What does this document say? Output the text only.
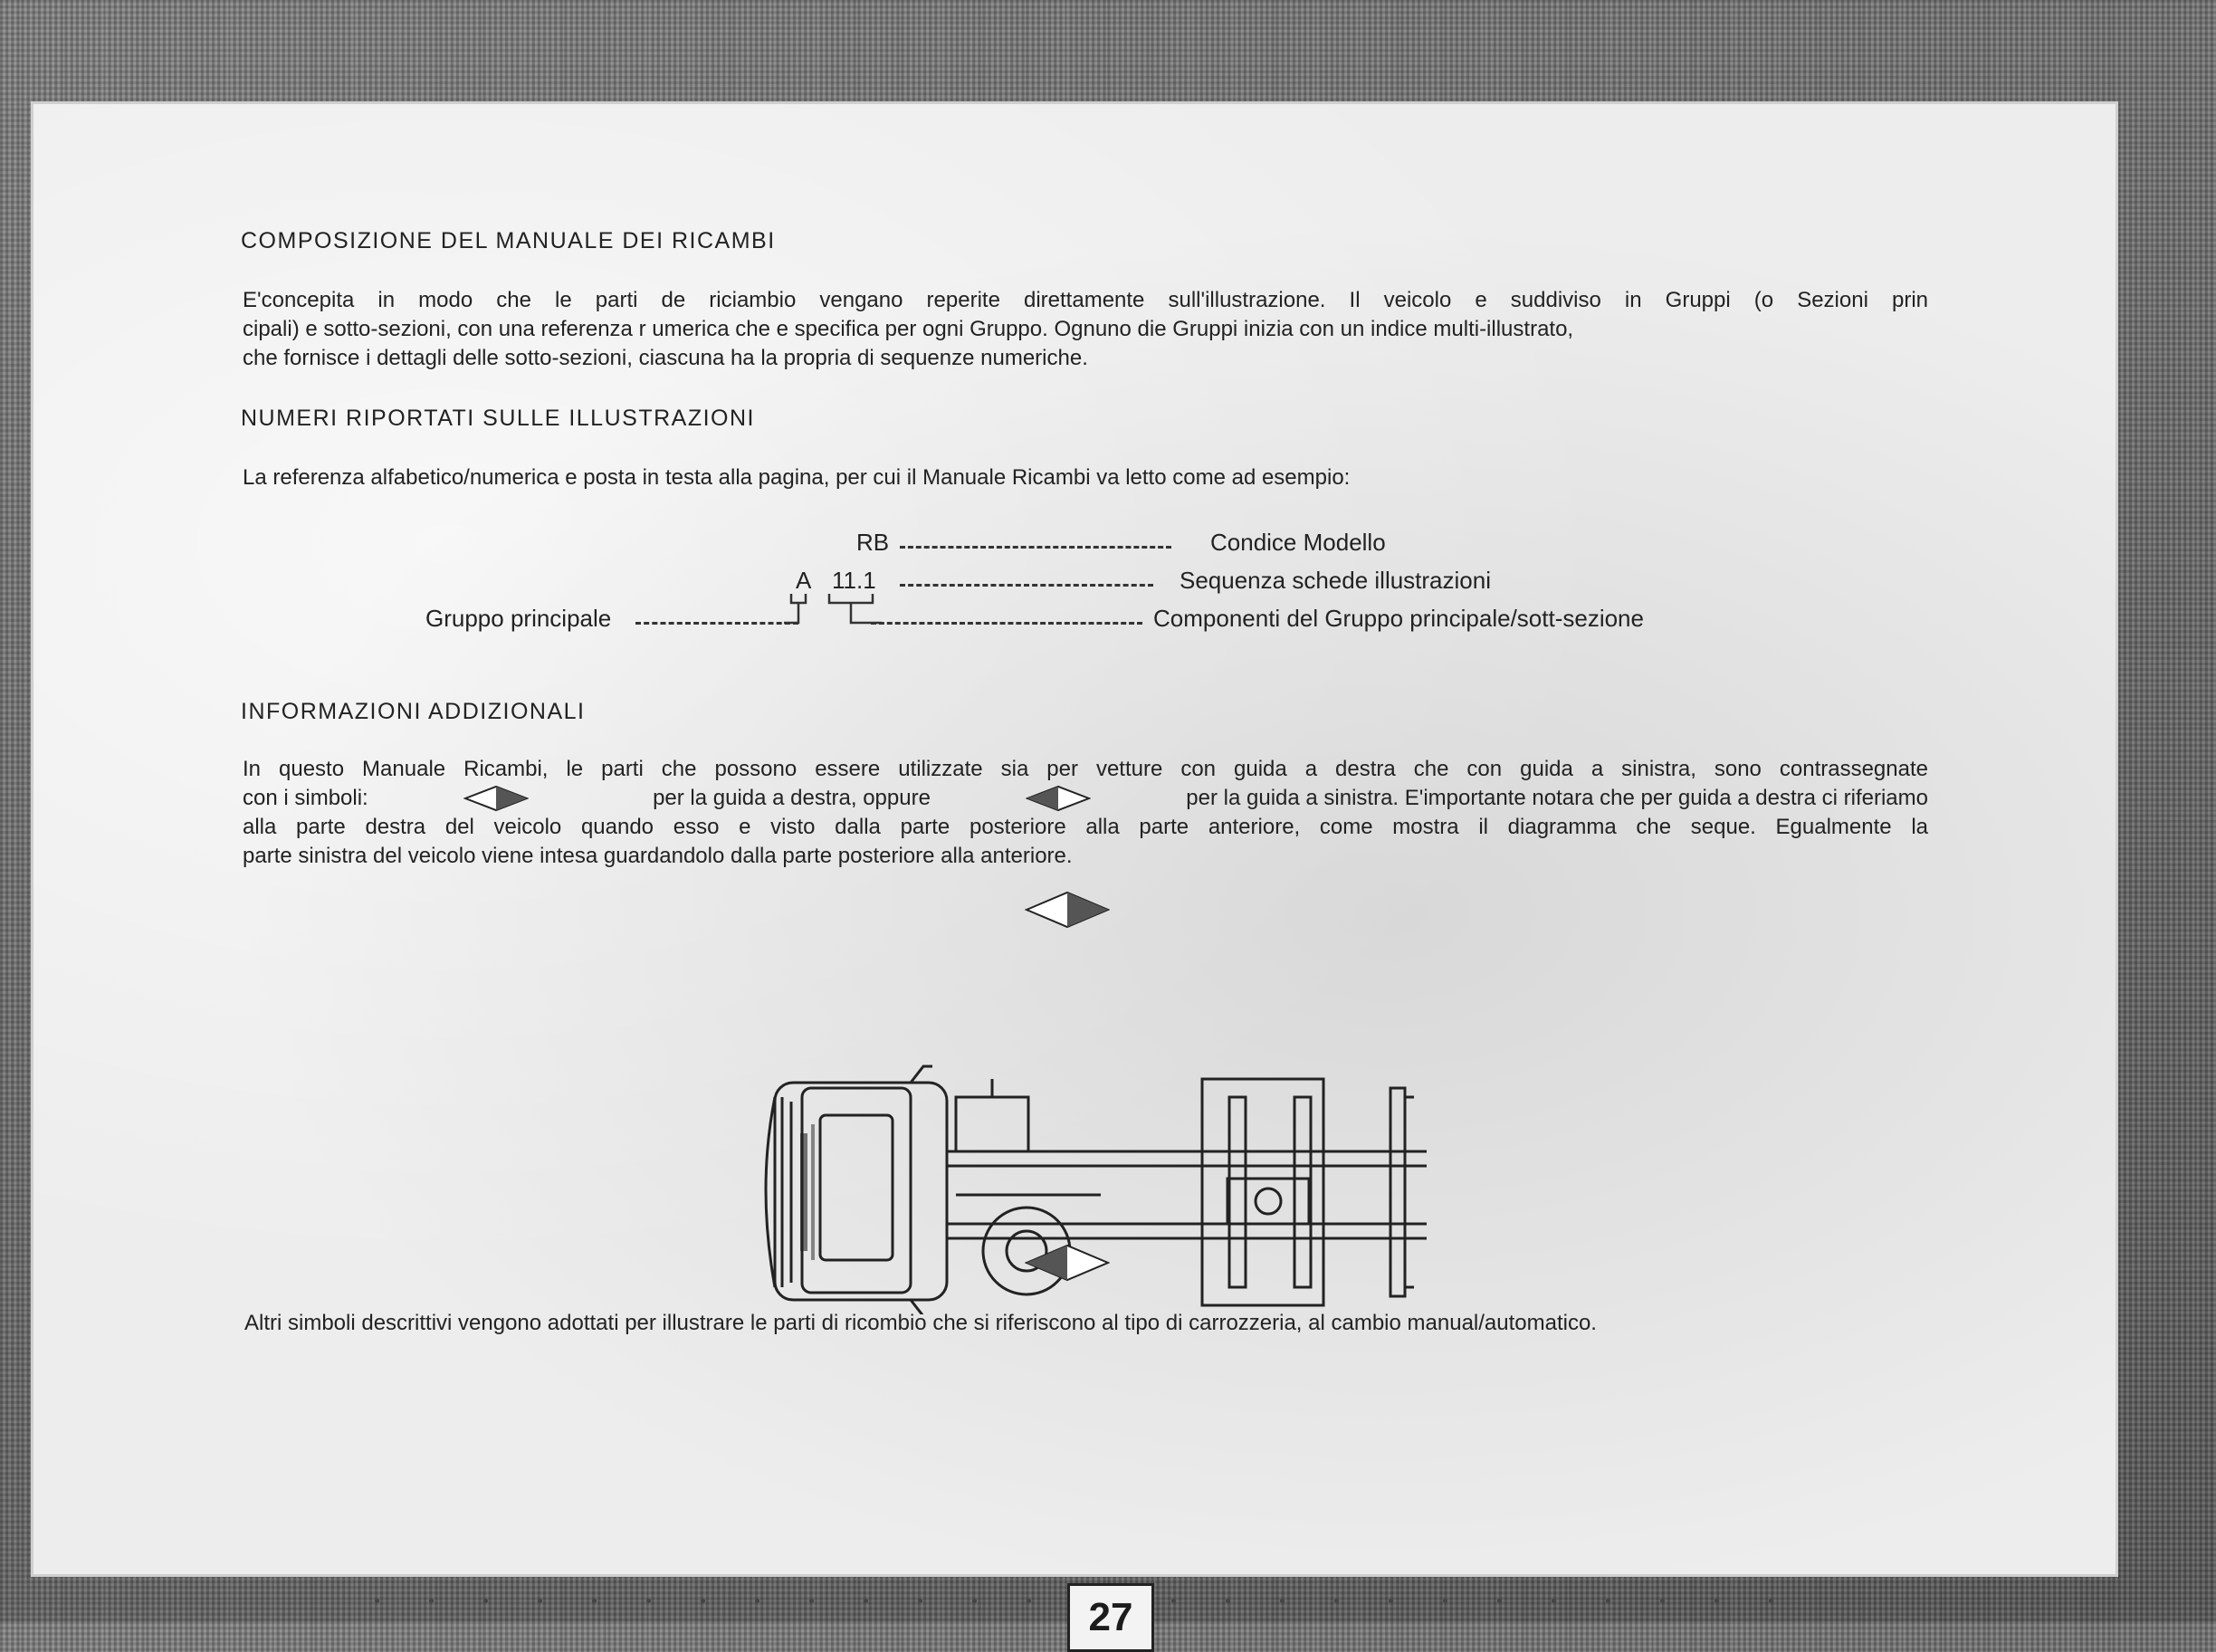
COMPOSIZIONE DEL MANUALE DEI RICAMBI
E'concepita in modo che le parti de riciambio vengano reperite direttamente sull'illustrazione. Il veicolo e suddiviso in Gruppi (o Sezioni prin
cipali) e sotto-sezioni, con una referenza r umerica che e specifica per ogni Gruppo. Ognuno die Gruppi inizia con un indice multi-illustrato,
che fornisce i dettagli delle sotto-sezioni, ciascuna ha la propria di sequenze numeriche.
NUMERI RIPORTATI SULLE ILLUSTRAZIONI
La referenza alfabetico/numerica e posta in testa alla pagina, per cui il Manuale Ricambi va letto come ad esempio:
RB	Condice Modello
A 11.1	Sequenza schede illustrazioni
Gruppo principale	Componenti del Gruppo principale/sott-sezione
INFORMAZIONI ADDIZIONALI
In questo Manuale Ricambi, le parti che possono essere utilizzate sia per vetture con guida a destra che con guida a sinistra, sono contrassegnate
con i simboli:	per la guida a destra, oppure	per la guida a sinistra. E'importante notara che per guida a destra ci riferiamo
alla parte destra del veicolo quando esso e visto dalla parte posteriore alla parte anteriore, come mostra il diagramma che seque. Egualmente la
parte sinistra del veicolo viene intesa guardandolo dalla parte posteriore alla anteriore.
Altri simboli descrittivi vengono adottati per illustrare le parti di ricombio che si riferiscono al tipo di carrozzeria, al cambio manual/automatico.
27
